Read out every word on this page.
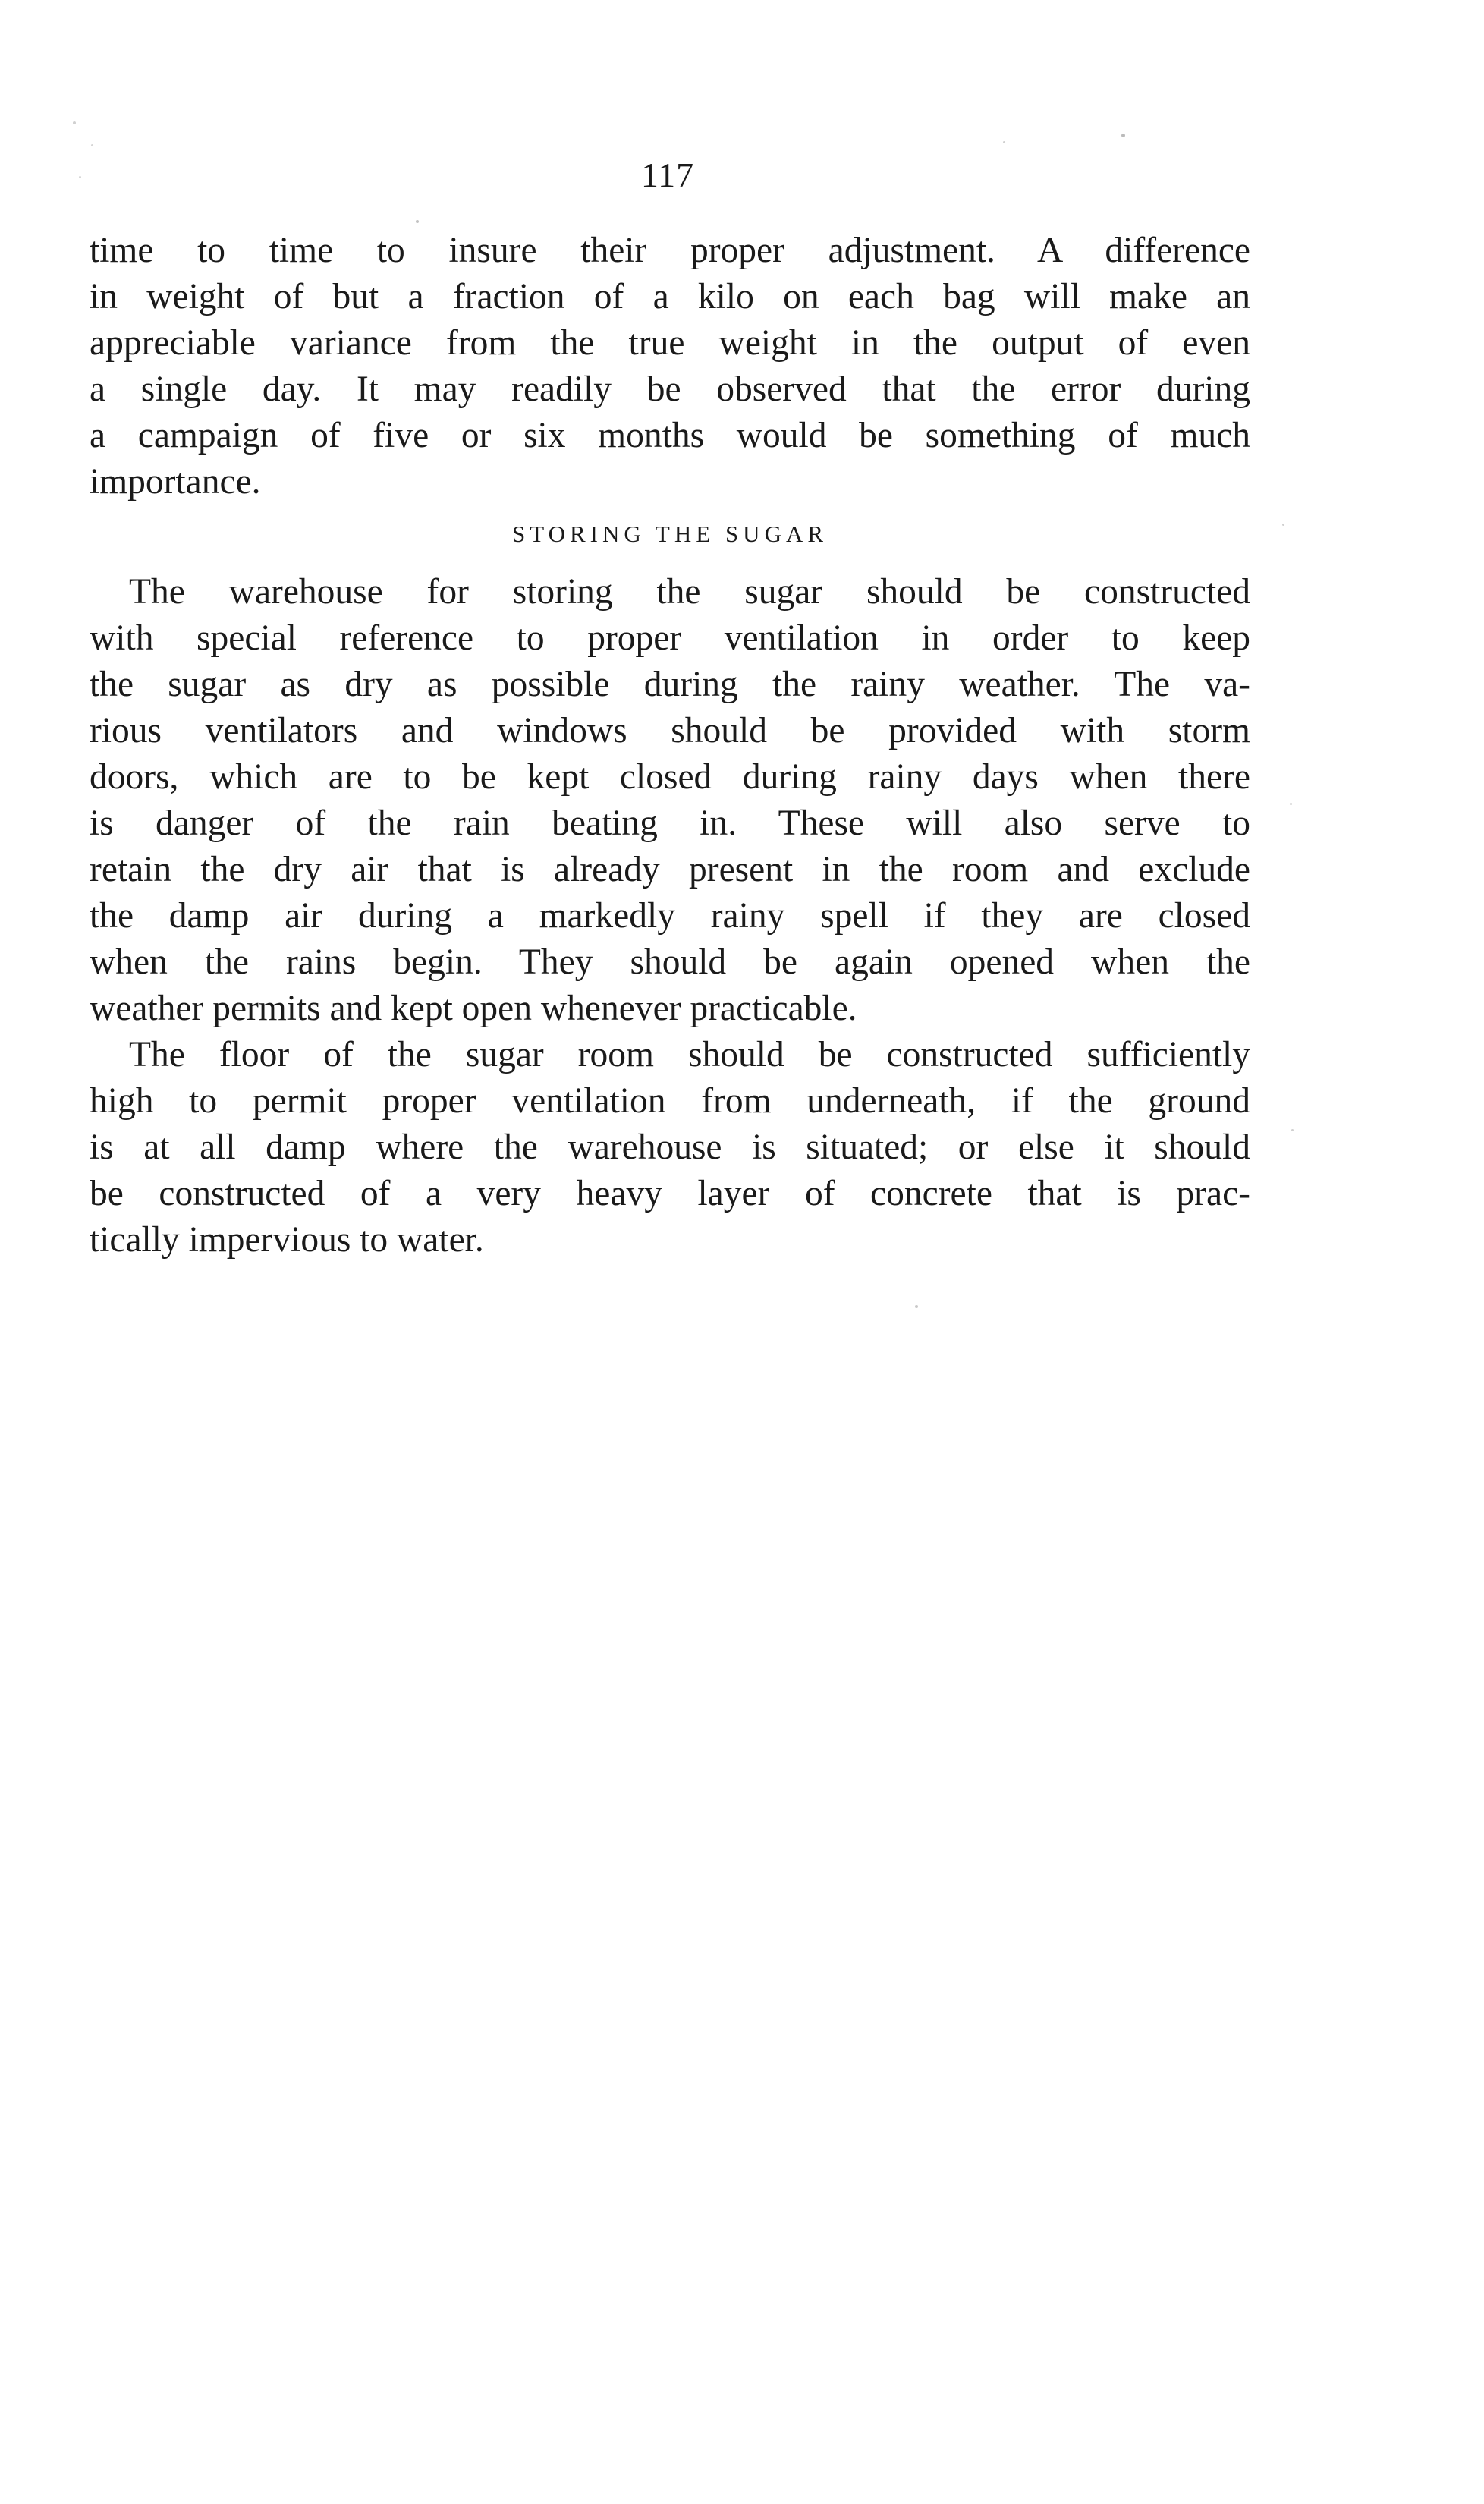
117
time to time to insure their proper adjustment. A difference
in weight of but a fraction of a kilo on each bag will make an
appreciable variance from the true weight in the output of even
a single day. It may readily be observed that the error during
a campaign of five or six months would be something of much
importance.
STORING THE SUGAR
The warehouse for storing the sugar should be constructed
with special reference to proper ventilation in order to keep
the sugar as dry as possible during the rainy weather. The va-
rious ventilators and windows should be provided with storm
doors, which are to be kept closed during rainy days when there
is danger of the rain beating in. These will also serve to
retain the dry air that is already present in the room and exclude
the damp air during a markedly rainy spell if they are closed
when the rains begin. They should be again opened when the
weather permits and kept open whenever practicable.
The floor of the sugar room should be constructed sufficiently
high to permit proper ventilation from underneath, if the ground
is at all damp where the warehouse is situated; or else it should
be constructed of a very heavy layer of concrete that is prac-
tically impervious to water.
